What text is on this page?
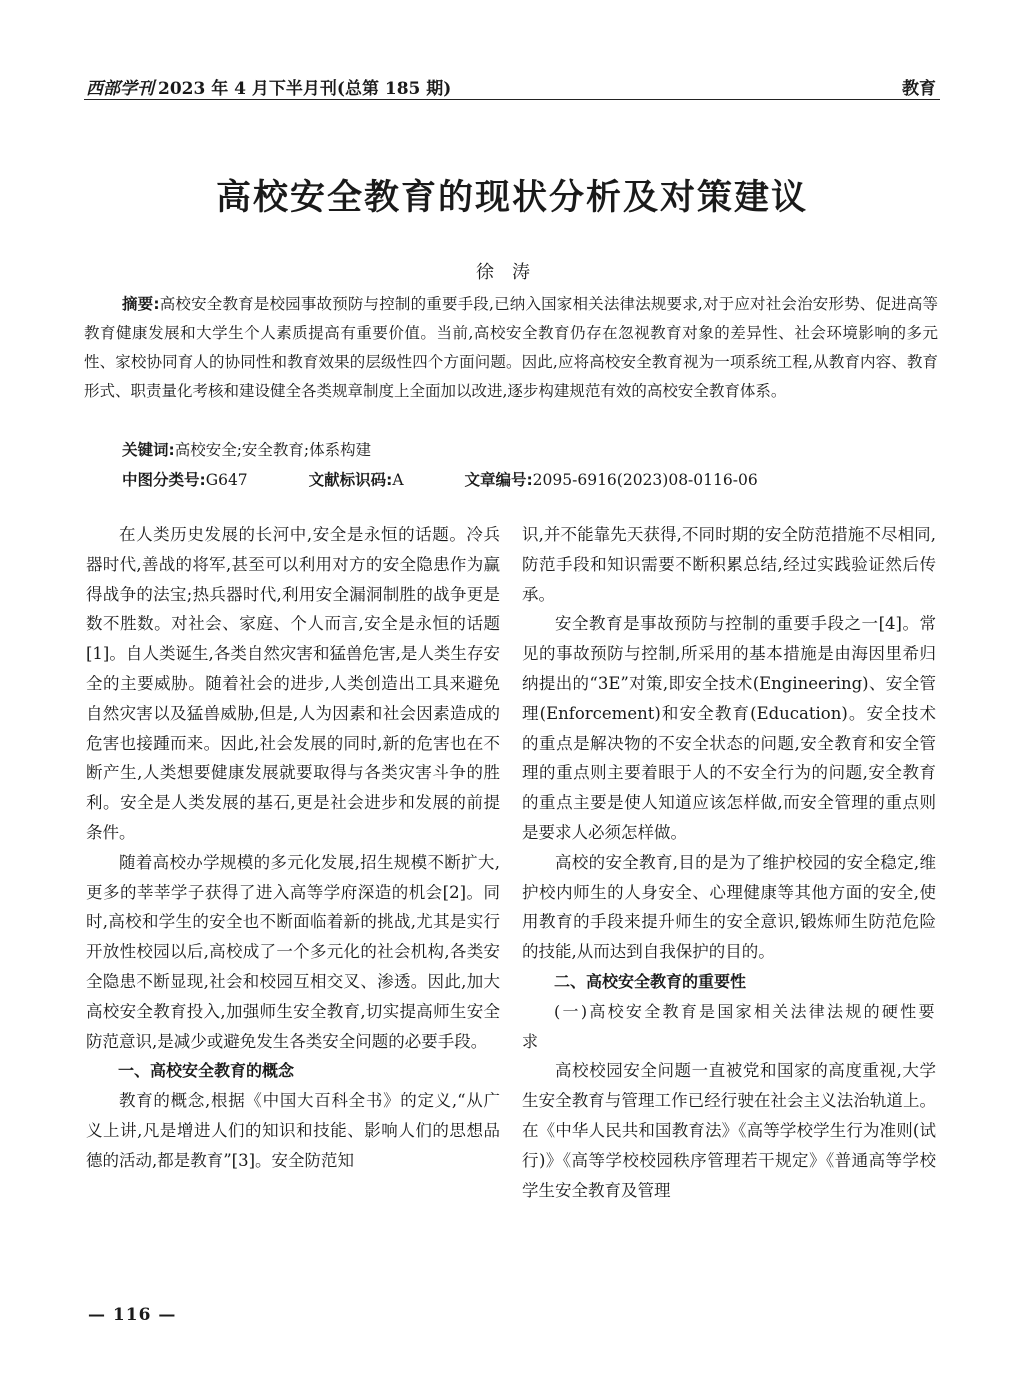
西部学刊 2023 年 4 月下半月刊(总第 185 期)	教育
高校安全教育的现状分析及对策建议
徐涛
摘要:高校安全教育是校园事故预防与控制的重要手段,已纳入国家相关法律法规要求,对于应对社会治安形势、促进高等教育健康发展和大学生个人素质提高有重要价值。当前,高校安全教育仍存在忽视教育对象的差异性、社会环境影响的多元性、家校协同育人的协同性和教育效果的层级性四个方面问题。因此,应将高校安全教育视为一项系统工程,从教育内容、教育形式、职责量化考核和建设健全各类规章制度上全面加以改进,逐步构建规范有效的高校安全教育体系。
关键词:高校安全;安全教育;体系构建
中图分类号:G647	文献标识码:A	文章编号:2095-6916(2023)08-0116-06

在人类历史发展的长河中,安全是永恒的话题。冷兵器时代,善战的将军,甚至可以利用对方的安全隐患作为赢得战争的法宝;热兵器时代,利用安全漏洞制胜的战争更是数不胜数。对社会、家庭、个人而言,安全是永恒的话题[1]。自人类诞生,各类自然灾害和猛兽危害,是人类生存安全的主要威胁。随着社会的进步,人类创造出工具来避免自然灾害以及猛兽威胁,但是,人为因素和社会因素造成的危害也接踵而来。因此,社会发展的同时,新的危害也在不断产生,人类想要健康发展就要取得与各类灾害斗争的胜利。安全是人类发展的基石,更是社会进步和发展的前提条件。

随着高校办学规模的多元化发展,招生规模不断扩大,更多的莘莘学子获得了进入高等学府深造的机会[2]。同时,高校和学生的安全也不断面临着新的挑战,尤其是实行开放性校园以后,高校成了一个多元化的社会机构,各类安全隐患不断显现,社会和校园互相交叉、渗透。因此,加大高校安全教育投入,加强师生安全教育,切实提高师生安全防范意识,是减少或避免发生各类安全问题的必要手段。

一、高校安全教育的概念

教育的概念,根据《中国大百科全书》的定义,“从广义上讲,凡是增进人们的知识和技能、影响人们的思想品德的活动,都是教育”[3]。安全防范知

识,并不能靠先天获得,不同时期的安全防范措施不尽相同,防范手段和知识需要不断积累总结,经过实践验证然后传承。

安全教育是事故预防与控制的重要手段之一[4]。常见的事故预防与控制,所采用的基本措施是由海因里希归纳提出的“3E”对策,即安全技术(Engineering)、安全管理(Enforcement)和安全教育(Education)。安全技术的重点是解决物的不安全状态的问题,安全教育和安全管理的重点则主要着眼于人的不安全行为的问题,安全教育的重点主要是使人知道应该怎样做,而安全管理的重点则是要求人必须怎样做。

高校的安全教育,目的是为了维护校园的安全稳定,维护校内师生的人身安全、心理健康等其他方面的安全,使用教育的手段来提升师生的安全意识,锻炼师生防范危险的技能,从而达到自我保护的目的。

二、高校安全教育的重要性
(一)高校安全教育是国家相关法律法规的硬性要求

高校校园安全问题一直被党和国家的高度重视,大学生安全教育与管理工作已经行驶在社会主义法治轨道上。在《中华人民共和国教育法》《高等学校学生行为准则(试行)》《高等学校校园秩序管理若干规定》《普通高等学校学生安全教育及管理

— 116 —
